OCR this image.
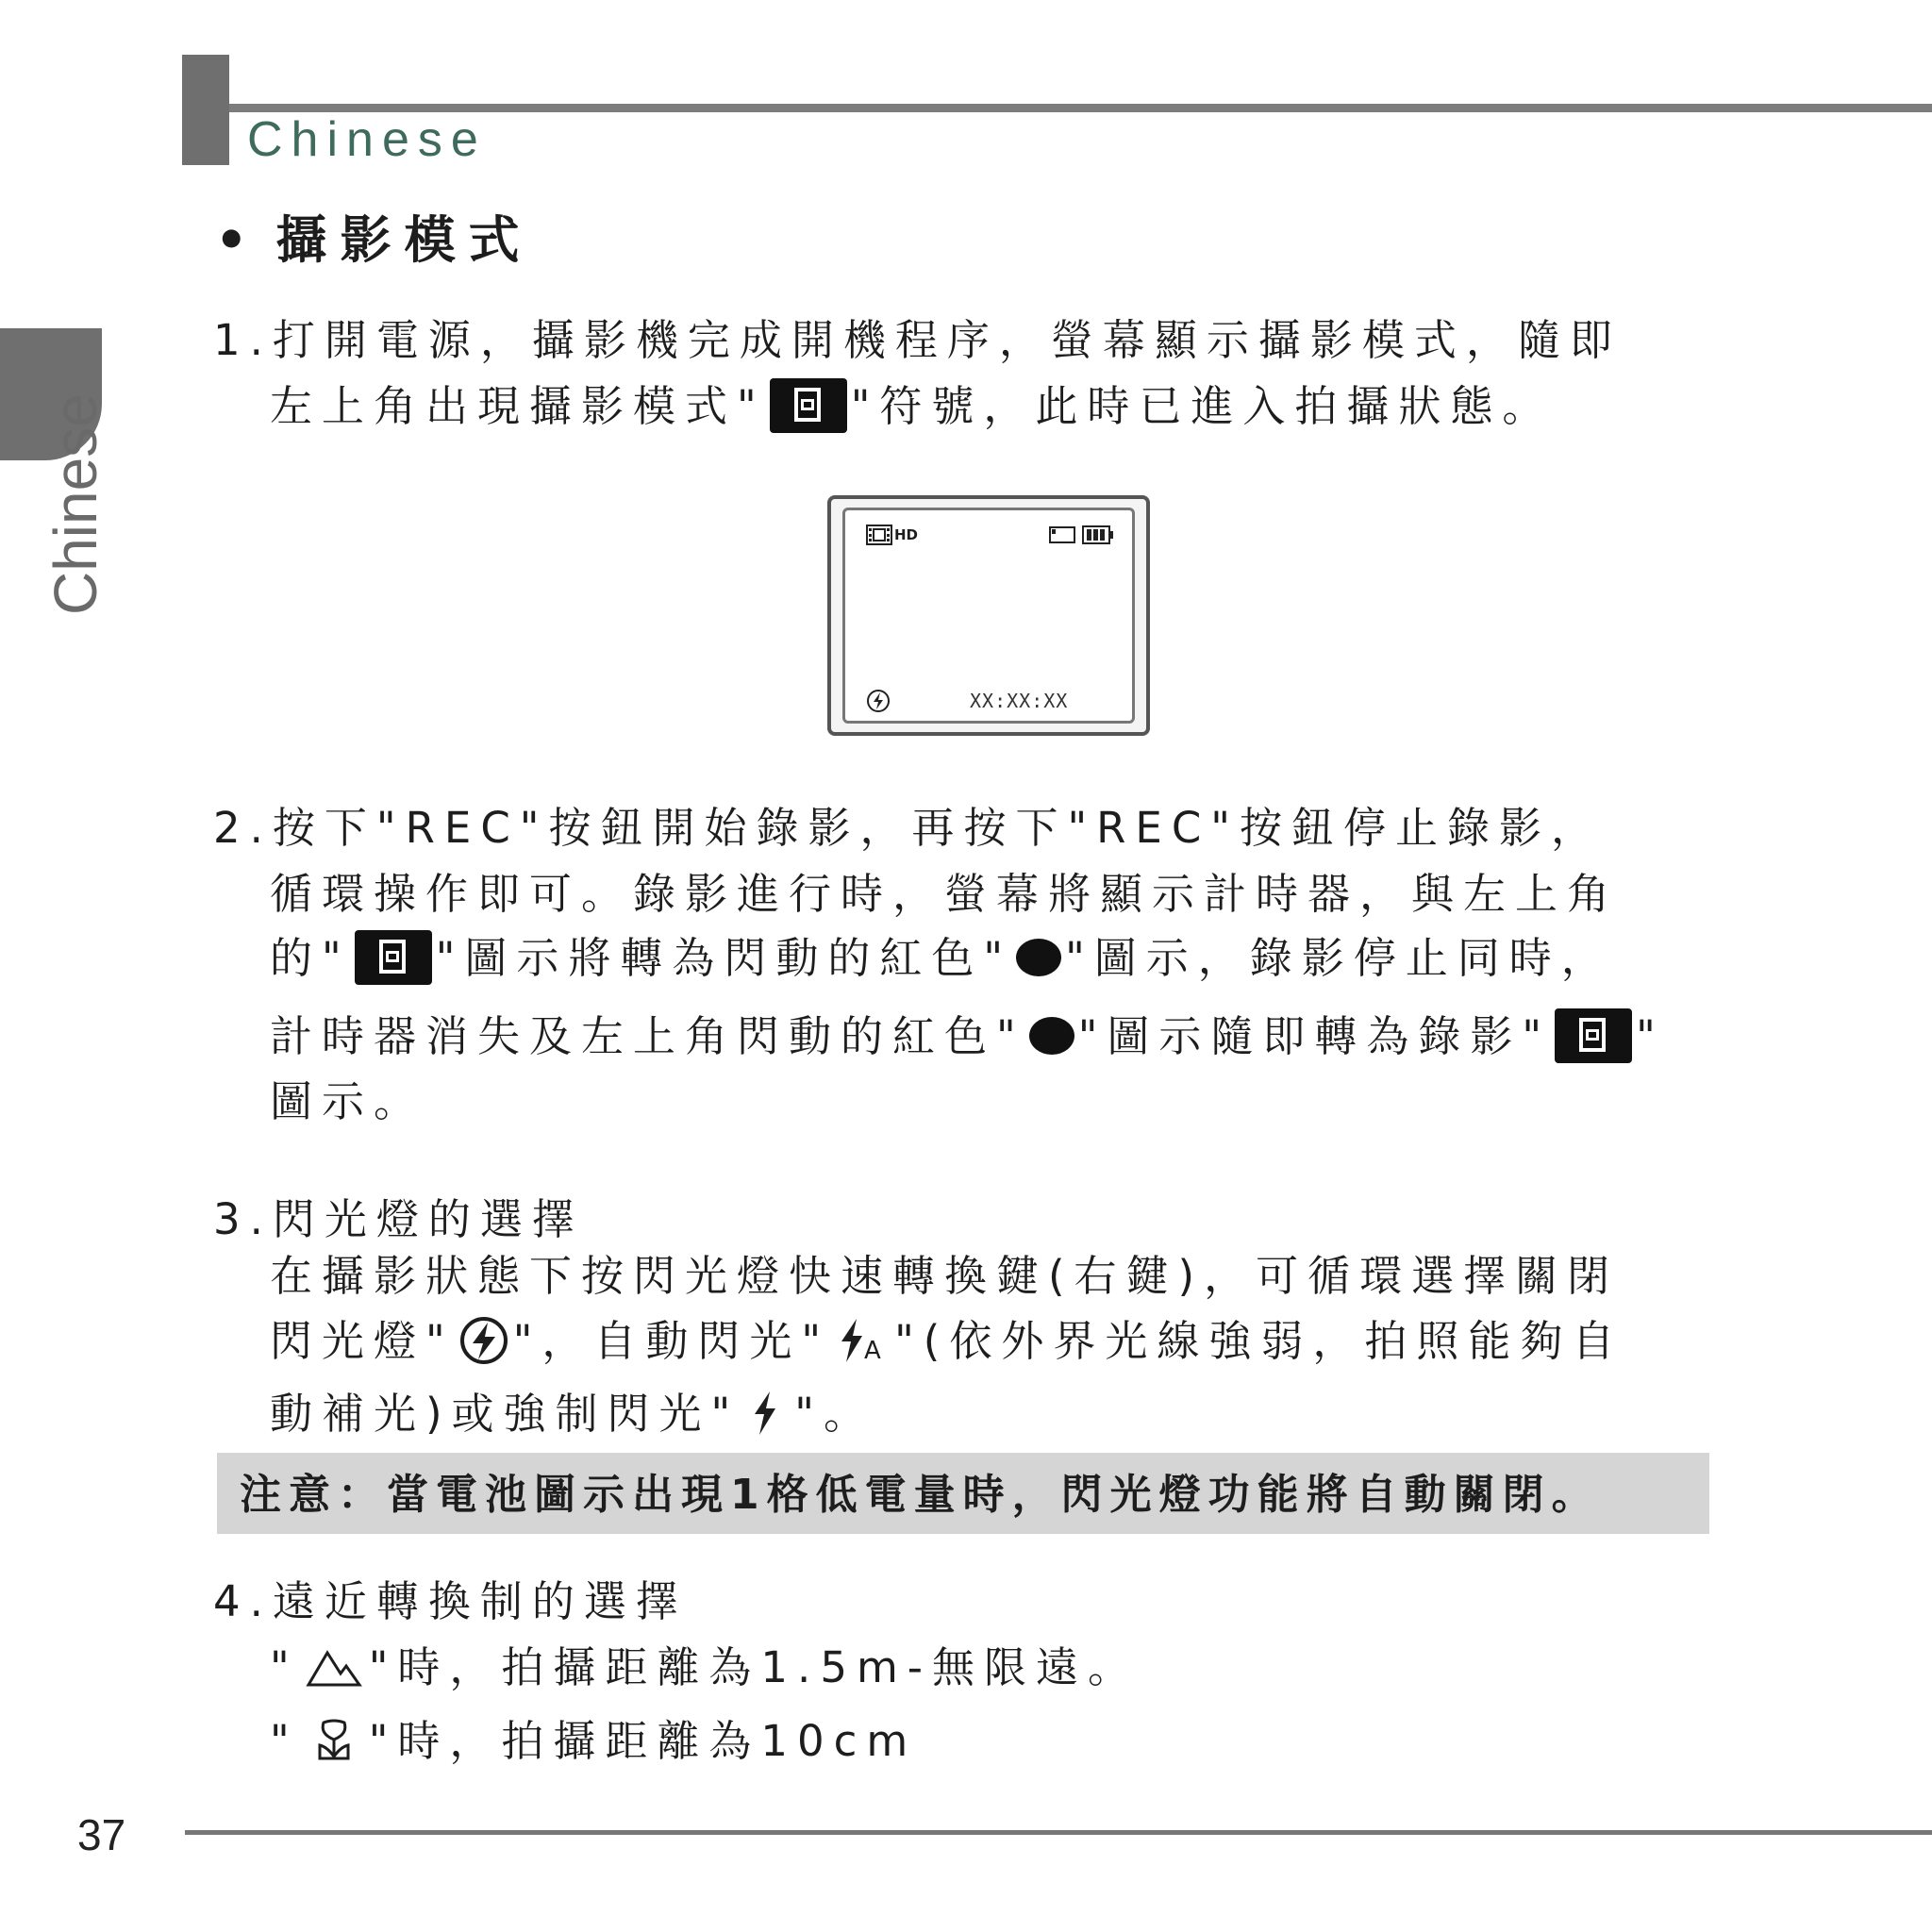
Chinese
Chinese
• 攝影模式
1.打開電源，攝影機完成開機程序，螢幕顯示攝影模式，隨即
左上角出現攝影模式" "符號，此時已進入拍攝狀態。
HD
XX:XX:XX
2.按下"REC"按鈕開始錄影，再按下"REC"按鈕停止錄影，
循環操作即可。錄影進行時，螢幕將顯示計時器，與左上角
的" "圖示將轉為閃動的紅色" "圖示，錄影停止同時，
計時器消失及左上角閃動的紅色" "圖示隨即轉為錄影" "
圖示。
3.閃光燈的選擇
在攝影狀態下按閃光燈快速轉換鍵(右鍵)，可循環選擇關閉
閃光燈" "，自動閃光" A "(依外界光線強弱，拍照能夠自
動補光)或強制閃光" "。
注意：當電池圖示出現1格低電量時，閃光燈功能將自動關閉。
4.遠近轉換制的選擇
" "時，拍攝距離為1.5m-無限遠。
" "時，拍攝距離為10cm
37
